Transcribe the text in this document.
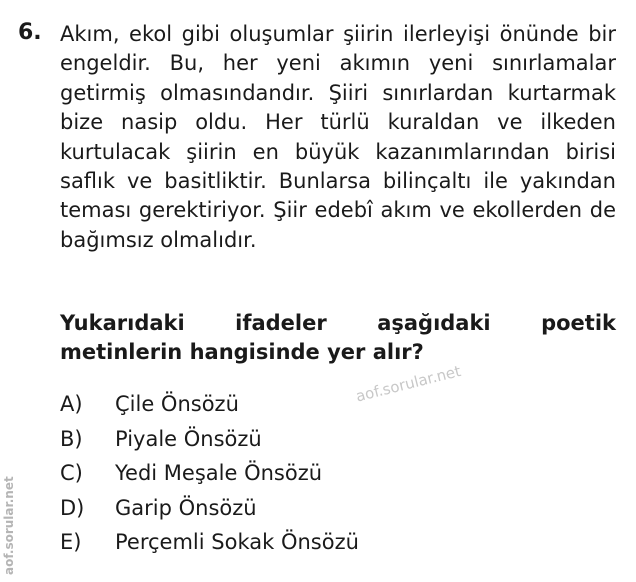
6. Akım, ekol gibi oluşumlar şiirin ilerleyişi önünde bir engeldir. Bu, her yeni akımın yeni sınırlamalar getirmiş olmasındandır. Şiiri sınırlardan kurtarmak bize nasip oldu. Her türlü kuraldan ve ilkeden kurtulacak şiirin en büyük kazanımlarından birisi saflık ve basitliktir. Bunlarsa bilinçaltı ile yakından teması gerektiriyor. Şiir edebî akım ve ekollerden de bağımsız olmalıdır.
Yukarıdaki ifadeler aşağıdaki poetik metinlerin hangisinde yer alır?
A)	Çile Önsözü
B)	Piyale Önsözü
C)	Yedi Meşale Önsözü
D)	Garip Önsözü
E)	Perçemli Sokak Önsözü
aof.sorular.net
aof.sorular.net
